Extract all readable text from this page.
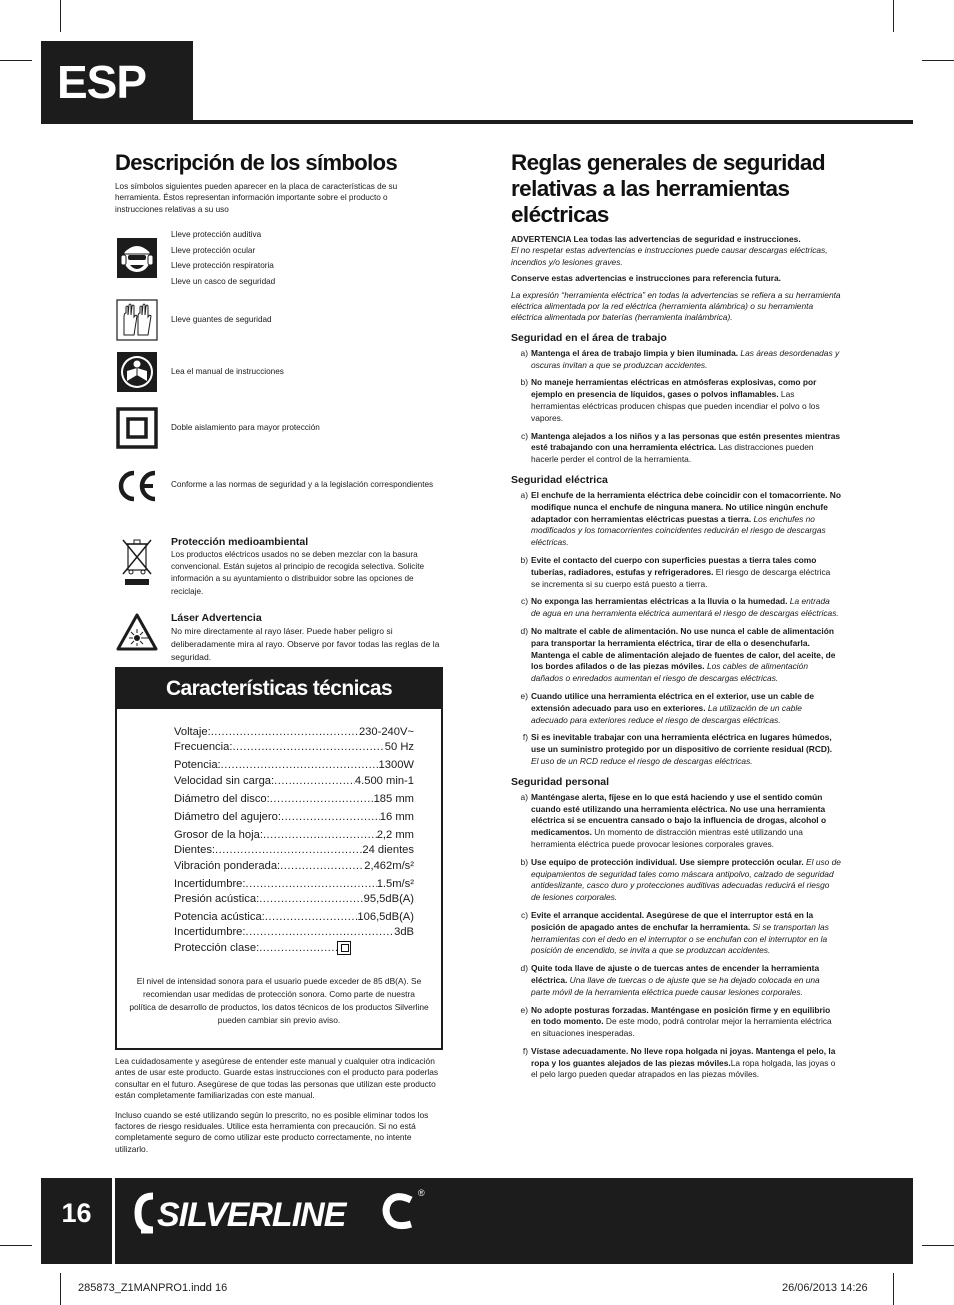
ESP
Descripción de los símbolos

Los símbolos siguientes pueden aparecer en la placa de características de su herramienta. Éstos representan información importante sobre el producto o instrucciones relativas a su uso

Lleve protección auditiva
Lleve protección ocular
Lleve protección respiratoria
Lleve un casco de seguridad
Lleve guantes de seguridad
Lea el manual de instrucciones
Doble aislamiento para mayor protección
Conforme a las normas de seguridad y a la legislación correspondientes
Protección medioambiental
Los productos eléctricos usados no se deben mezclar con la basura convencional. Están sujetos al principio de recogida selectiva. Solicite información a su ayuntamiento o distribuidor sobre las opciones de reciclaje.
Láser Advertencia
No mire directamente al rayo láser. Puede haber peligro si deliberadamente mira al rayo. Observe por favor todas las reglas de la seguridad.
Características técnicas
Voltaje: .....	230-240V~
Frecuencia: .....	50 Hz
Potencia: .....	1300W
Velocidad sin carga: .....	4.500 min-1
Diámetro del disco: .....	185 mm
Diámetro del agujero: .....	16 mm
Grosor de la hoja: .....	2,2 mm
Dientes: .....	24 dientes
Vibración ponderada: .....	2,462m/s²
Incertidumbre: .....	1.5m/s²
Presión acústica: .....	95,5dB(A)
Potencia acústica: .....	106,5dB(A)
Incertidumbre: .....	3dB
Protección clase:
.....

El nivel de intensidad sonora para el usuario puede exceder de 85 dB(A). Se recomiendan usar medidas de protección sonora. Como parte de nuestra política de desarrollo de productos, los datos técnicos de los productos Silverline pueden cambiar sin previo aviso.

Lea cuidadosamente y asegúrese de entender este manual y cualquier otra indicación antes de usar este producto. Guarde estas instrucciones con el producto para poderlas consultar en el futuro. Asegúrese de que todas las personas que utilizan este producto están completamente familiarizadas con este manual.

Incluso cuando se esté utilizando según lo prescrito, no es posible eliminar todos los factores de riesgo residuales. Utilice esta herramienta con precaución. Si no está completamente seguro de como utilizar este producto correctamente, no intente utilizarlo.

Reglas generales de seguridad relativas a las herramientas eléctricas
ADVERTENCIA Lea todas las advertencias de seguridad e instrucciones.
El no respetar estas advertencias e instrucciones puede causar descargas eléctricas, incendios y/o lesiones graves.

Conserve estas advertencias e instrucciones para referencia futura.

La expresión “herramienta eléctrica” en todas la advertencias se refiera a su herramienta eléctrica alimentada por la red eléctrica (herramienta alámbrica) o su herramienta eléctrica alimentada por baterías (herramienta inalámbrica).

Seguridad en el área de trabajo
a) Mantenga el área de trabajo limpia y bien iluminada. Las áreas desordenadas y oscuras invitan a que se produzcan accidentes.
b) No maneje herramientas eléctricas en atmósferas explosivas, como por ejemplo en presencia de líquidos, gases o polvos inflamables. Las herramientas eléctricas producen chispas que pueden incendiar el polvo o los vapores.
c) Mantenga alejados a los niños y a las personas que estén presentes mientras esté trabajando con una herramienta eléctrica. Las distracciones pueden hacerle perder el control de la herramienta.
Seguridad eléctrica
a) El enchufe de la herramienta eléctrica debe coincidir con el tomacorriente. No modifique nunca el enchufe de ninguna manera. No utilice ningún enchufe adaptador con herramientas eléctricas puestas a tierra. Los enchufes no modificados y los tomacorrientes coincidentes reducirán el riesgo de descargas eléctricas.
b) Evite el contacto del cuerpo con superficies puestas a tierra tales como tuberías, radiadores, estufas y refrigeradores. El riesgo de descarga eléctrica se incrementa si su cuerpo está puesto a tierra.
c) No exponga las herramientas eléctricas a la lluvia o la humedad. La entrada de agua en una herramienta eléctrica aumentará el riesgo de descargas eléctricas.
d) No maltrate el cable de alimentación. No use nunca el cable de alimentación para transportar la herramienta eléctrica, tirar de ella o desenchufarla. Mantenga el cable de alimentación alejado de fuentes de calor, del aceite, de los bordes afilados o de las piezas móviles. Los cables de alimentación dañados o enredados aumentan el riesgo de descargas eléctricas.
e) Cuando utilice una herramienta eléctrica en el exterior, use un cable de extensión adecuado para uso en exteriores. La utilización de un cable adecuado para exteriores reduce el riesgo de descargas eléctricas.
f) Si es inevitable trabajar con una herramienta eléctrica en lugares húmedos, use un suministro protegido por un dispositivo de corriente residual (RCD). El uso de un RCD reduce el riesgo de descargas eléctricas.
Seguridad personal
a) Manténgase alerta, fíjese en lo que está haciendo y use el sentido común cuando esté utilizando una herramienta eléctrica. No use una herramienta eléctrica si se encuentra cansado o bajo la influencia de drogas, alcohol o medicamentos. Un momento de distracción mientras esté utilizando una herramienta eléctrica puede provocar lesiones corporales graves.
b) Use equipo de protección individual. Use siempre protección ocular. El uso de equipamientos de seguridad tales como máscara antipolvo, calzado de seguridad antideslizante, casco duro y protecciones auditivas adecuadas reducirá el riesgo de lesiones corporales.
c) Evite el arranque accidental. Asegúrese de que el interruptor está en la posición de apagado antes de enchufar la herramienta. Si se transportan las herramientas con el dedo en el interruptor o se enchufan con el interruptor en la posición de encendido, se invita a que se produzcan accidentes.
d) Quite toda llave de ajuste o de tuercas antes de encender la herramienta eléctrica. Una llave de tuercas o de ajuste que se ha dejado colocada en una parte móvil de la herramienta eléctrica puede causar lesiones corporales.
e) No adopte posturas forzadas. Manténgase en posición firme y en equilibrio en todo momento. De este modo, podrá controlar mejor la herramienta eléctrica en situaciones inesperadas.
f) Vístase adecuadamente. No lleve ropa holgada ni joyas. Mantenga el pelo, la ropa y los guantes alejados de las piezas móviles.La ropa holgada, las joyas o el pelo largo pueden quedar atrapados en las piezas móviles.
16	SILVERLINE
®
285873_Z1MANPRO1.indd 16	26/06/2013 14:26
